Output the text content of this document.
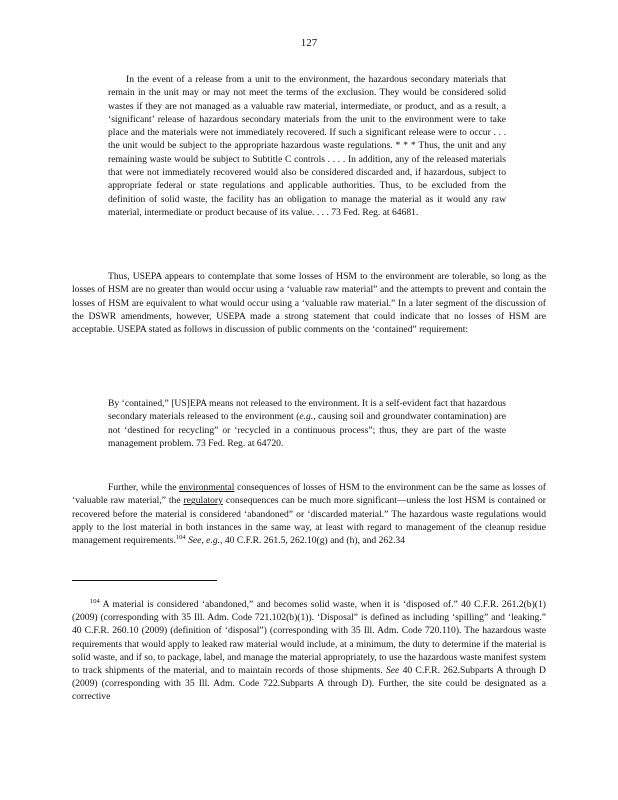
127

In the event of a release from a unit to the environment, the hazardous secondary materials that remain in the unit may or may not meet the terms of the exclusion. They would be considered solid wastes if they are not managed as a valuable raw material, intermediate, or product, and as a result, a ‘significant’ release of hazardous secondary materials from the unit to the environment were to take place and the materials were not immediately recovered. If such a significant release were to occur . . . the unit would be subject to the appropriate hazardous waste regulations. * * * Thus, the unit and any remaining waste would be subject to Subtitle C controls . . . . In addition, any of the released materials that were not immediately recovered would also be considered discarded and, if hazardous, subject to appropriate federal or state regulations and applicable authorities. Thus, to be excluded from the definition of solid waste, the facility has an obligation to manage the material as it would any raw material, intermediate or product because of its value. . . . 73 Fed. Reg. at 64681.

Thus, USEPA appears to contemplate that some losses of HSM to the environment are tolerable, so long as the losses of HSM are no greater than would occur using a ‘valuable raw material” and the attempts to prevent and contain the losses of HSM are equivalent to what would occur using a ‘valuable raw material.” In a later segment of the discussion of the DSWR amendments, however, USEPA made a strong statement that could indicate that no losses of HSM are acceptable. USEPA stated as follows in discussion of public comments on the ‘contained” requirement:

By ‘contained,” [US]EPA means not released to the environment. It is a self-evident fact that hazardous secondary materials released to the environment (e.g., causing soil and groundwater contamination) are not ‘destined for recycling” or ‘recycled in a continuous process”; thus, they are part of the waste management problem. 73 Fed. Reg. at 64720.

Further, while the environmental consequences of losses of HSM to the environment can be the same as losses of ‘valuable raw material,” the regulatory consequences can be much more significant—unless the lost HSM is contained or recovered before the material is considered ‘abandoned” or ‘discarded material.” The hazardous waste regulations would apply to the lost material in both instances in the same way, at least with regard to management of the cleanup residue management requirements.$^{104}$ See, e.g., 40 C.F.R. 261.5, 262.10(g) and (h), and 262.34

$^{104}$ A material is considered ‘abandoned,” and becomes solid waste, when it is ‘disposed of.” 40 C.F.R. 261.2(b)(1) (2009) (corresponding with 35 Ill. Adm. Code 721.102(b)(1)). ‘Disposal” is defined as including ‘spilling” and ‘leaking.” 40 C.F.R. 260.10 (2009) (definition of ‘disposal”) (corresponding with 35 Ill. Adm. Code 720.110). The hazardous waste requirements that would apply to leaked raw material would include, at a minimum, the duty to determine if the material is solid waste, and if so, to package, label, and manage the material appropriately, to use the hazardous waste manifest system to track shipments of the material, and to maintain records of those shipments. See 40 C.F.R. 262.Subparts A through D (2009) (corresponding with 35 Ill. Adm. Code 722.Subparts A through D). Further, the site could be designated as a corrective
